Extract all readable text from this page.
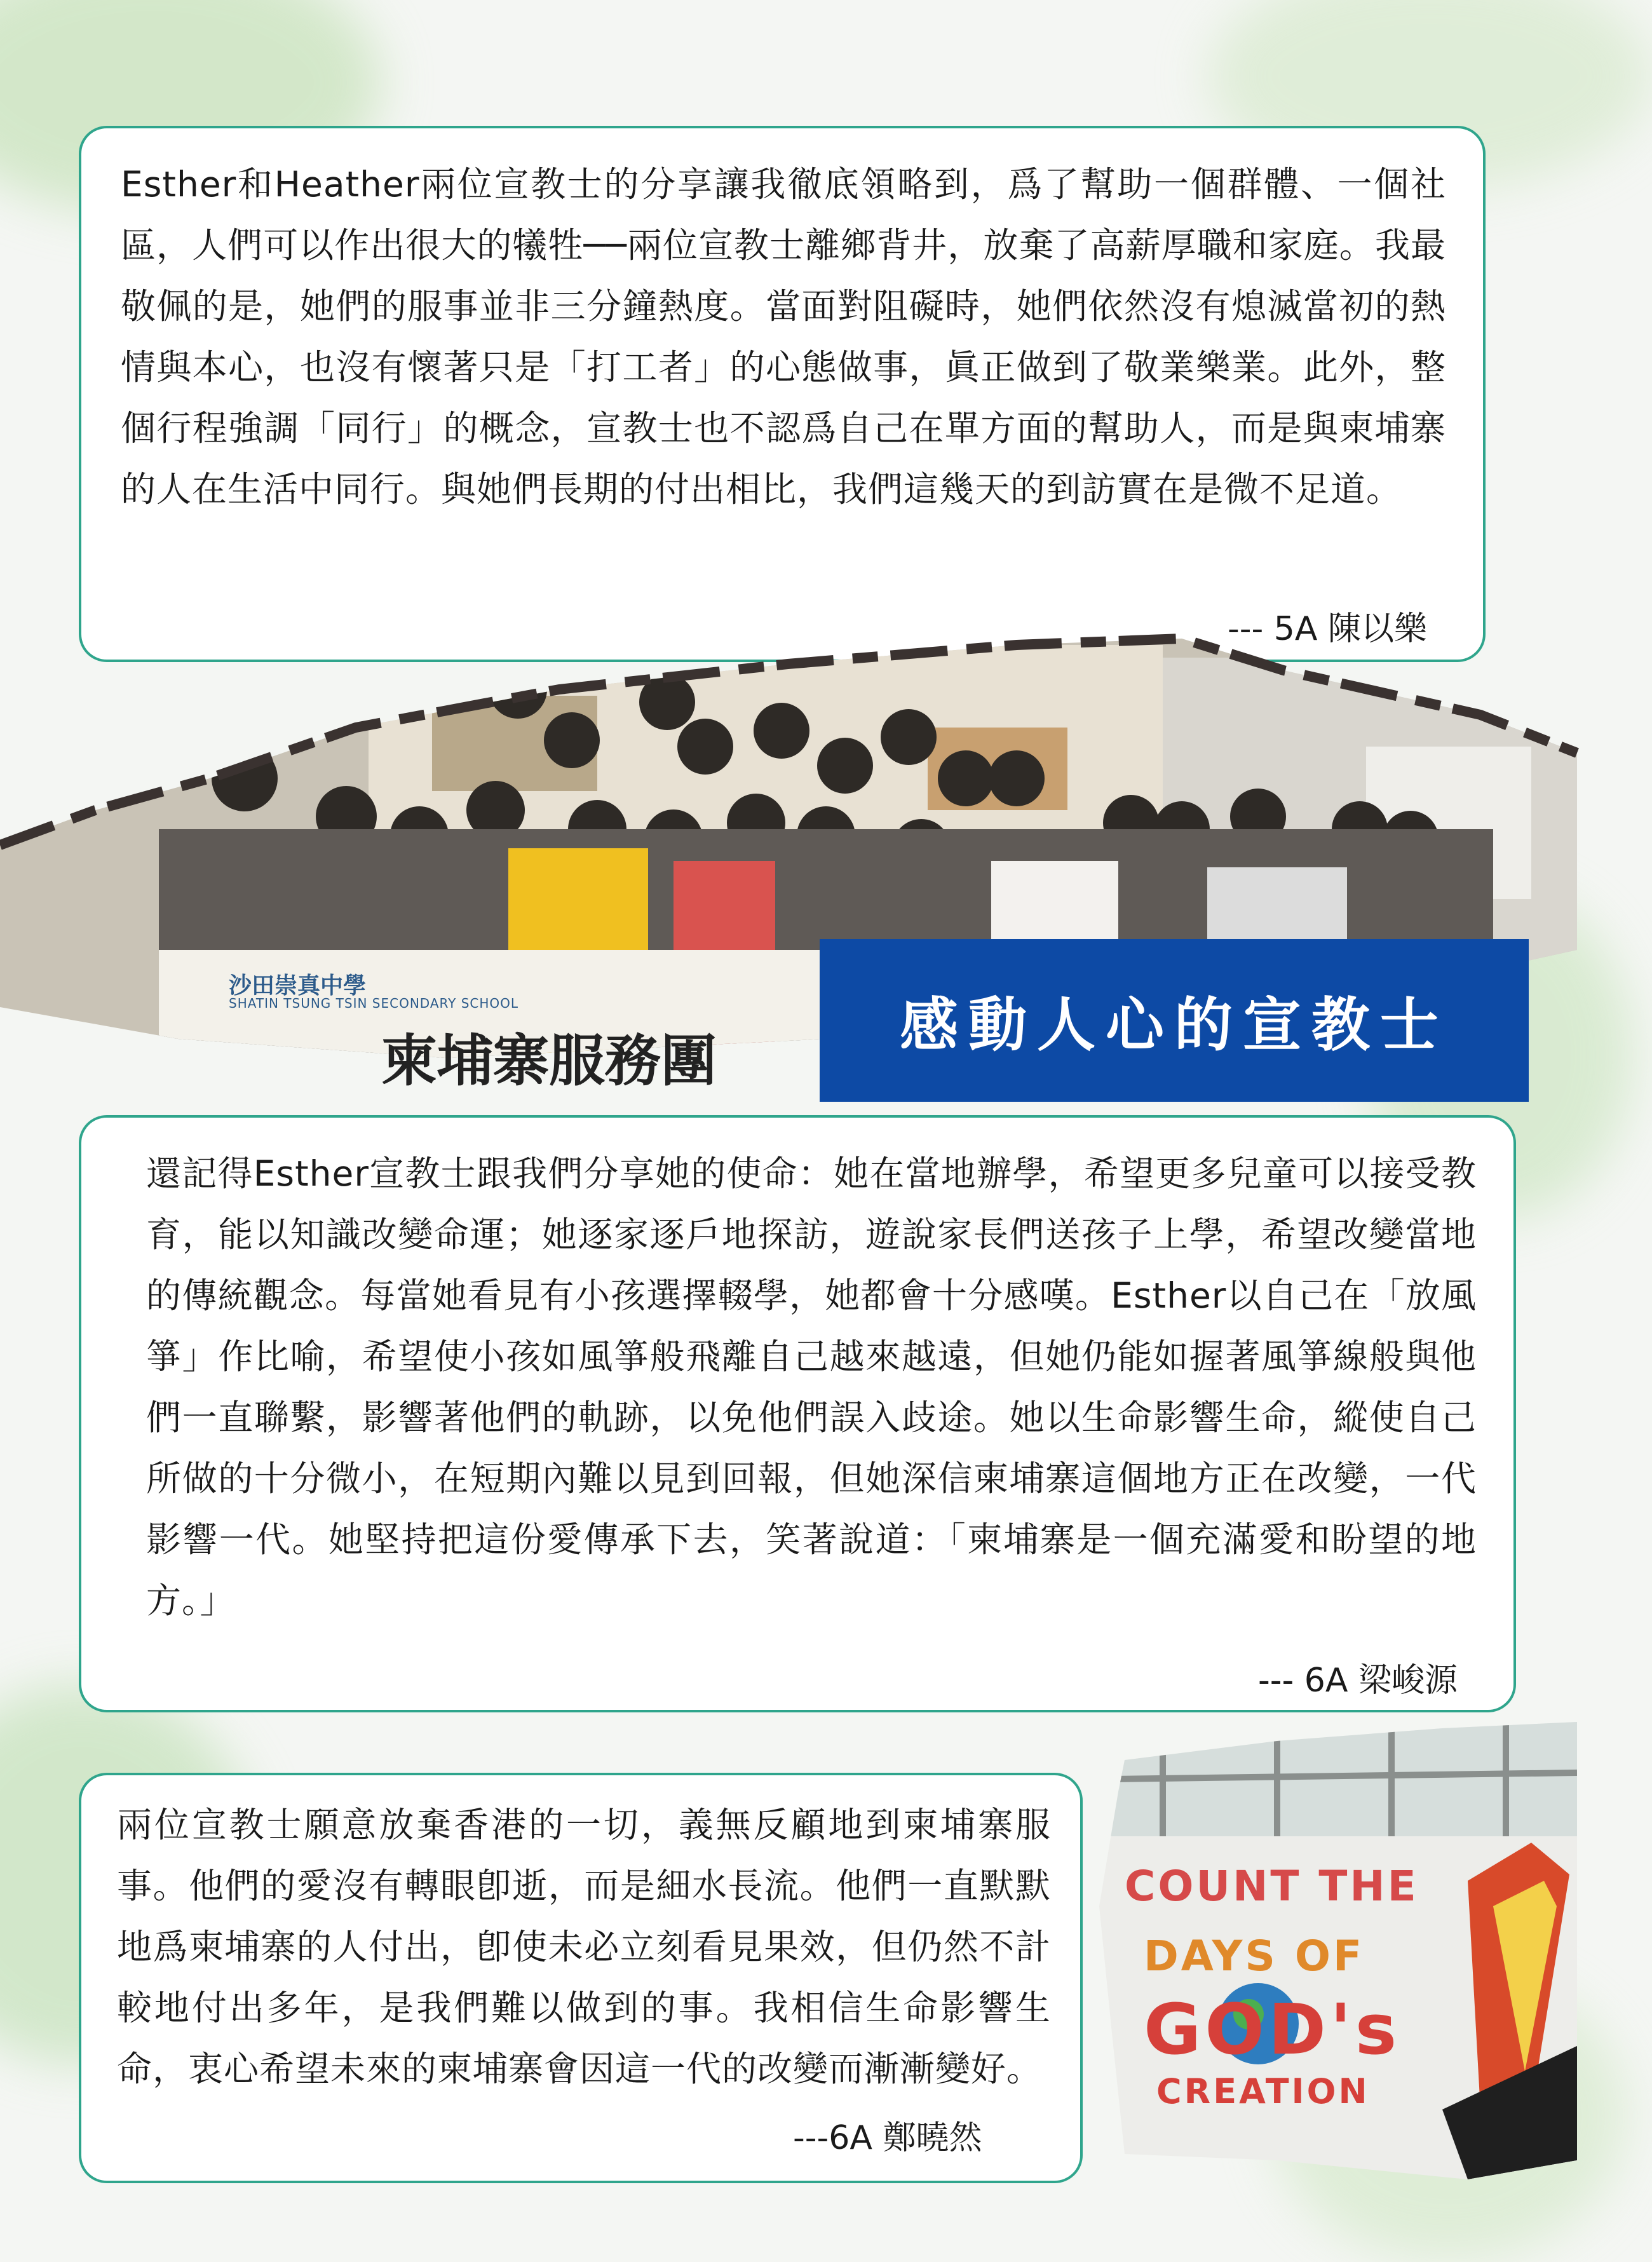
Esther和Heather兩位宣教士的分享讓我徹底領略到，爲了幫助一個群體、一個社區，人們可以作出很大的犧牲──兩位宣教士離鄉背井，放棄了高薪厚職和家庭。我最敬佩的是，她們的服事並非三分鐘熱度。當面對阻礙時，她們依然沒有熄滅當初的熱情與本心，也沒有懷著只是「打工者」的心態做事，眞正做到了敬業樂業。此外，整個行程強調「同行」的概念，宣教士也不認爲自己在單方面的幫助人，而是與柬埔寨的人在生活中同行。與她們長期的付出相比，我們這幾天的到訪實在是微不足道。

--- 5A 陳以樂
沙田崇真中學
SHATIN TSUNG TSIN SECONDARY SCHOOL
柬埔寨服務團
感動人心的宣教士

還記得Esther宣教士跟我們分享她的使命：她在當地辦學，希望更多兒童可以接受教育，能以知識改變命運；她逐家逐戶地探訪，遊說家長們送孩子上學，希望改變當地的傳統觀念。每當她看見有小孩選擇輟學，她都會十分感嘆。Esther以自己在「放風箏」作比喻，希望使小孩如風箏般飛離自己越來越遠，但她仍能如握著風箏線般與他們一直聯繫，影響著他們的軌跡，以免他們誤入歧途。她以生命影響生命，縱使自己所做的十分微小，在短期內難以見到回報，但她深信柬埔寨這個地方正在改變，一代影響一代。她堅持把這份愛傳承下去，笑著說道：「柬埔寨是一個充滿愛和盼望的地方。」

--- 6A 梁峻源

兩位宣教士願意放棄香港的一切，義無反顧地到柬埔寨服事。他們的愛沒有轉眼卽逝，而是細水長流。他們一直默默地爲柬埔寨的人付出，卽使未必立刻看見果效，但仍然不計較地付出多年，是我們難以做到的事。我相信生命影響生命，衷心希望未來的柬埔寨會因這一代的改變而漸漸變好。

---6A 鄭曉然
COUNT THE
DAYS OF
GOD's
CREATION
